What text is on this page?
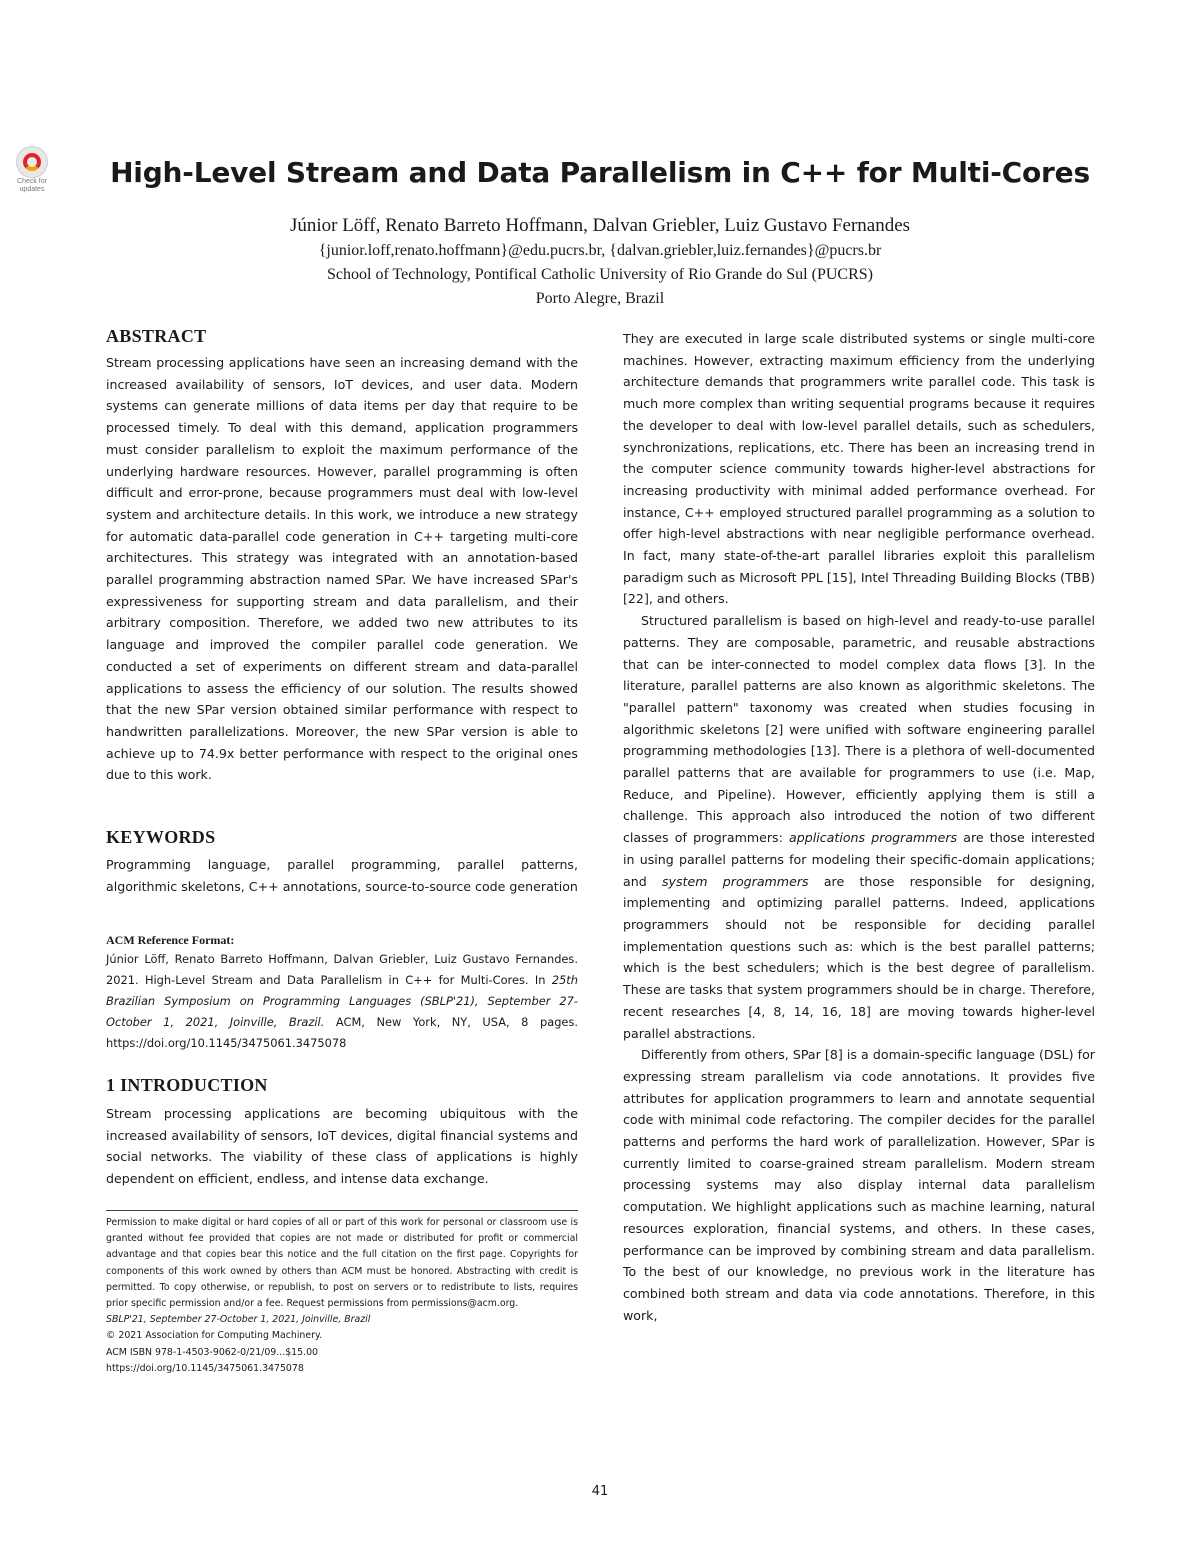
Check for updates
High-Level Stream and Data Parallelism in C++ for Multi-Cores
Júnior Löff, Renato Barreto Hoffmann, Dalvan Griebler, Luiz Gustavo Fernandes
{junior.loff,renato.hoffmann}@edu.pucrs.br, {dalvan.griebler,luiz.fernandes}@pucrs.br
School of Technology, Pontifical Catholic University of Rio Grande do Sul (PUCRS)
Porto Alegre, Brazil
ABSTRACT

Stream processing applications have seen an increasing demand with the increased availability of sensors, IoT devices, and user data. Modern systems can generate millions of data items per day that require to be processed timely. To deal with this demand, application programmers must consider parallelism to exploit the maximum performance of the underlying hardware resources. However, parallel programming is often difficult and error-prone, because programmers must deal with low-level system and architecture details. In this work, we introduce a new strategy for automatic data-parallel code generation in C++ targeting multi-core architectures. This strategy was integrated with an annotation-based parallel programming abstraction named SPar. We have increased SPar's expressiveness for supporting stream and data parallelism, and their arbitrary composition. Therefore, we added two new attributes to its language and improved the compiler parallel code generation. We conducted a set of experiments on different stream and data-parallel applications to assess the efficiency of our solution. The results showed that the new SPar version obtained similar performance with respect to handwritten parallelizations. Moreover, the new SPar version is able to achieve up to 74.9x better performance with respect to the original ones due to this work.

KEYWORDS

Programming language, parallel programming, parallel patterns, algorithmic skeletons, C++ annotations, source-to-source code generation

ACM Reference Format:
Júnior Löff, Renato Barreto Hoffmann, Dalvan Griebler, Luiz Gustavo Fernandes. 2021. High-Level Stream and Data Parallelism in C++ for Multi-Cores. In 25th Brazilian Symposium on Programming Languages (SBLP'21), September 27-October 1, 2021, Joinville, Brazil. ACM, New York, NY, USA, 8 pages. https://doi.org/10.1145/3475061.3475078
1 INTRODUCTION

Stream processing applications are becoming ubiquitous with the increased availability of sensors, IoT devices, digital financial systems and social networks. The viability of these class of applications is highly dependent on efficient, endless, and intense data exchange.

Permission to make digital or hard copies of all or part of this work for personal or classroom use is granted without fee provided that copies are not made or distributed for profit or commercial advantage and that copies bear this notice and the full citation on the first page. Copyrights for components of this work owned by others than ACM must be honored. Abstracting with credit is permitted. To copy otherwise, or republish, to post on servers or to redistribute to lists, requires prior specific permission and/or a fee. Request permissions from permissions@acm.org.
SBLP'21, September 27-October 1, 2021, Joinville, Brazil
© 2021 Association for Computing Machinery.
ACM ISBN 978-1-4503-9062-0/21/09...$15.00
https://doi.org/10.1145/3475061.3475078

They are executed in large scale distributed systems or single multi-core machines. However, extracting maximum efficiency from the underlying architecture demands that programmers write parallel code. This task is much more complex than writing sequential programs because it requires the developer to deal with low-level parallel details, such as schedulers, synchronizations, replications, etc. There has been an increasing trend in the computer science community towards higher-level abstractions for increasing productivity with minimal added performance overhead. For instance, C++ employed structured parallel programming as a solution to offer high-level abstractions with near negligible performance overhead. In fact, many state-of-the-art parallel libraries exploit this parallelism paradigm such as Microsoft PPL [15], Intel Threading Building Blocks (TBB) [22], and others.

Structured parallelism is based on high-level and ready-to-use parallel patterns. They are composable, parametric, and reusable abstractions that can be inter-connected to model complex data flows [3]. In the literature, parallel patterns are also known as algorithmic skeletons. The "parallel pattern" taxonomy was created when studies focusing in algorithmic skeletons [2] were unified with software engineering parallel programming methodologies [13]. There is a plethora of well-documented parallel patterns that are available for programmers to use (i.e. Map, Reduce, and Pipeline). However, efficiently applying them is still a challenge. This approach also introduced the notion of two different classes of programmers: applications programmers are those interested in using parallel patterns for modeling their specific-domain applications; and system programmers are those responsible for designing, implementing and optimizing parallel patterns. Indeed, applications programmers should not be responsible for deciding parallel implementation questions such as: which is the best parallel patterns; which is the best schedulers; which is the best degree of parallelism. These are tasks that system programmers should be in charge. Therefore, recent researches [4, 8, 14, 16, 18] are moving towards higher-level parallel abstractions.

Differently from others, SPar [8] is a domain-specific language (DSL) for expressing stream parallelism via code annotations. It provides five attributes for application programmers to learn and annotate sequential code with minimal code refactoring. The compiler decides for the parallel patterns and performs the hard work of parallelization. However, SPar is currently limited to coarse-grained stream parallelism. Modern stream processing systems may also display internal data parallelism computation. We highlight applications such as machine learning, natural resources exploration, financial systems, and others. In these cases, performance can be improved by combining stream and data parallelism. To the best of our knowledge, no previous work in the literature has combined both stream and data via code annotations. Therefore, in this work,

41
